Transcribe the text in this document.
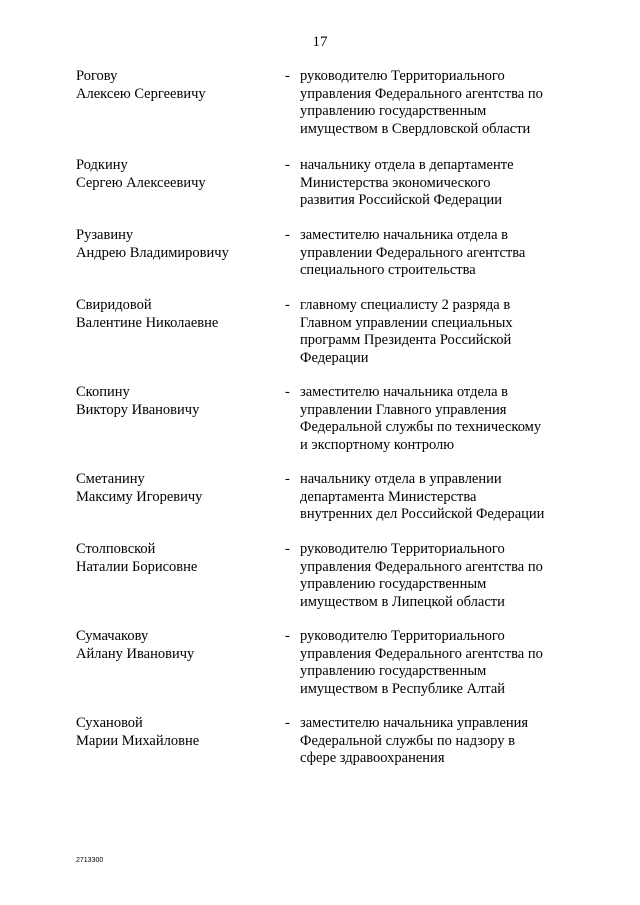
17
Рогову
Алексею Сергеевичу
- руководителю Территориального
управления Федерального агентства по
управлению государственным
имуществом в Свердловской области
Родкину
Сергею Алексеевичу
- начальнику отдела в департаменте
Министерства экономического
развития Российской Федерации
Рузавину
Андрею Владимировичу
- заместителю начальника отдела в
управлении Федерального агентства
специального строительства
Свиридовой
Валентине Николаевне
- главному специалисту 2 разряда в
Главном управлении специальных
программ Президента Российской
Федерации
Скопину
Виктору Ивановичу
- заместителю начальника отдела в
управлении Главного управления
Федеральной службы по техническому
и экспортному контролю
Сметанину
Максиму Игоревичу
- начальнику отдела в управлении
департамента Министерства
внутренних дел Российской Федерации
Столповской
Наталии Борисовне
- руководителю Территориального
управления Федерального агентства по
управлению государственным
имуществом в Липецкой области
Сумачакову
Айлану Ивановичу
- руководителю Территориального
управления Федерального агентства по
управлению государственным
имуществом в Республике Алтай
Сухановой
Марии Михайловне
- заместителю начальника управления
Федеральной службы по надзору в
сфере здравоохранения
2713300
